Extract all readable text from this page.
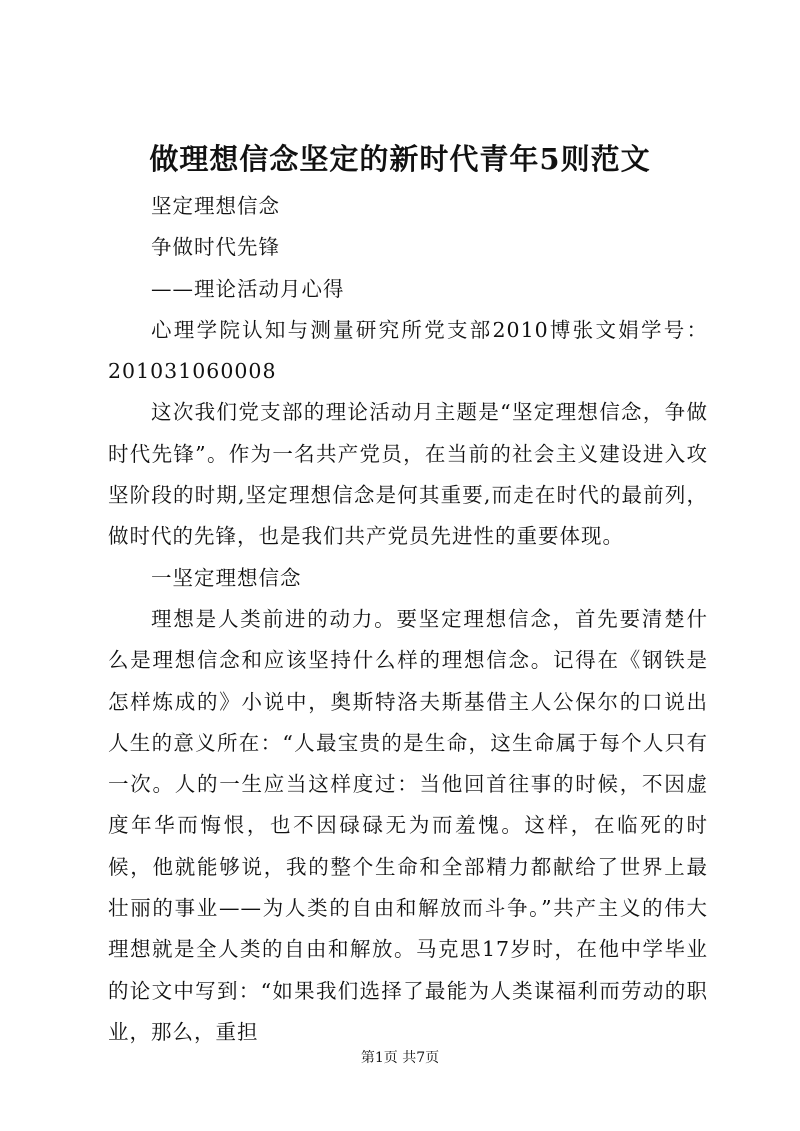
做理想信念坚定的新时代青年5则范文

坚定理想信念

争做时代先锋

——理论活动月心得

心理学院认知与测量研究所党支部2010博张文娟学号：201031060008

这次我们党支部的理论活动月主题是“坚定理想信念，争做时代先锋”。作为一名共产党员，在当前的社会主义建设进入攻坚阶段的时期,坚定理想信念是何其重要,而走在时代的最前列，做时代的先锋，也是我们共产党员先进性的重要体现。

一坚定理想信念

理想是人类前进的动力。要坚定理想信念，首先要清楚什么是理想信念和应该坚持什么样的理想信念。记得在《钢铁是怎样炼成的》小说中，奥斯特洛夫斯基借主人公保尔的口说出人生的意义所在：“人最宝贵的是生命，这生命属于每个人只有一次。人的一生应当这样度过：当他回首往事的时候，不因虚度年华而悔恨，也不因碌碌无为而羞愧。这样，在临死的时候，他就能够说，我的整个生命和全部精力都献给了世界上最壮丽的事业——为人类的自由和解放而斗争。”共产主义的伟大理想就是全人类的自由和解放。马克思17岁时，在他中学毕业的论文中写到：“如果我们选择了最能为人类谋福利而劳动的职业，那么，重担

第1页 共7页
